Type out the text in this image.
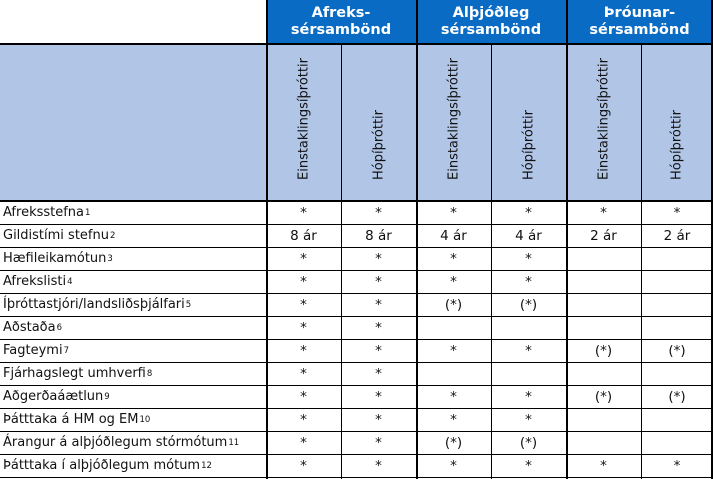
Afreks-
sérsambönd
Alþjóðleg
sérsambönd
Þróunar-
sérsambönd
Einstaklingsíþróttir	Hópíþróttir	Einstaklingsíþróttir	Hópíþróttir	Einstaklingsíþróttir	Hópíþróttir
Afreksstefna 1	*	*	*	*	*	*
Gildistími stefnu 2	8 ár	8 ár	4 ár	4 ár	2 ár	2 ár
Hæfileikamótun 3	*	*	*	*
Afrekslisti 4	*	*	*	*
Íþróttastjóri/landsliðsþjálfari 5	*	*	(*)	(*)
Aðstaða 6	*	*
Fagteymi 7	*	*	*	*	(*)	(*)
Fjárhagslegt umhverfi 8	*	*
Aðgerðaáætlun 9	*	*	*	*	(*)	(*)
Þátttaka á HM og EM 10	*	*	*	*
Árangur á alþjóðlegum stórmótum 11	*	*	(*)	(*)
Þátttaka í alþjóðlegum mótum 12	*	*	*	*	*	*
